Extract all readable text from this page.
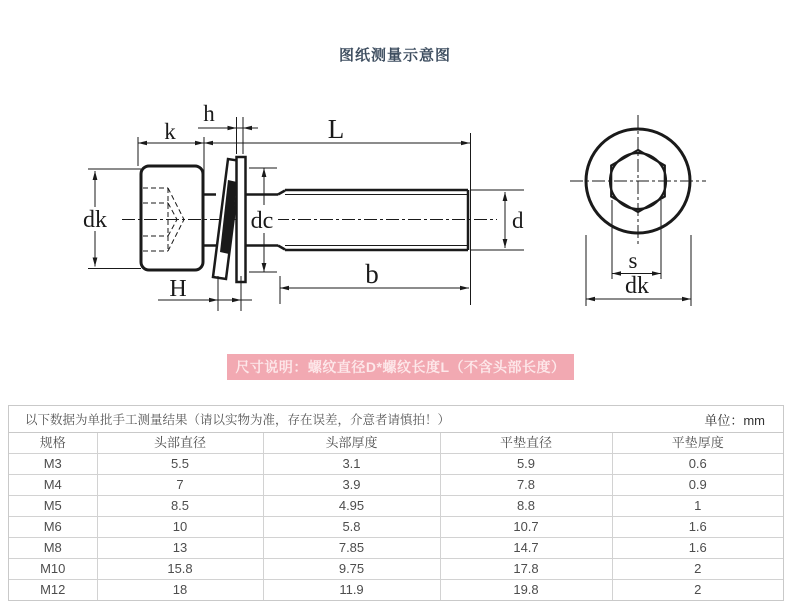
图纸测量示意图
k	L
h
dk
H
dc	d
b	s
dk
尺寸说明：螺纹直径D*螺纹长度L（不含头部长度）
以下数据为单批手工测量结果（请以实物为准，存在误差，介意者请慎拍！）	单位：mm
规格	头部直径	头部厚度	平垫直径	平垫厚度
M3	5.5	3.1	5.9	0.6
M4	7	3.9	7.8	0.9
M5	8.5	4.95	8.8	1
M6	10	5.8	10.7	1.6
M8	13	7.85	14.7	1.6
M10	15.8	9.75	17.8	2
M12	18	11.9	19.8	2
